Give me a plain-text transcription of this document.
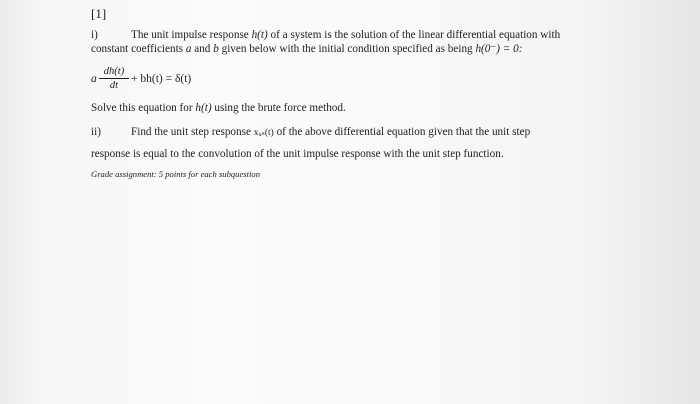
[1]
i)	The unit impulse response h(t) of a system is the solution of the linear differential equation with
constant coefficients a and b given below with the initial condition specified as being h(0⁻) = 0:
a
dh(t)
dt
+ bh(t) = δ(t)
Solve this equation for h(t) using the brute force method.
ii)	Find the unit step response xᵤₛ(t) of the above differential equation given that the unit step
response is equal to the convolution of the unit impulse response with the unit step function.
Grade assignment: 5 points for each subquestion
